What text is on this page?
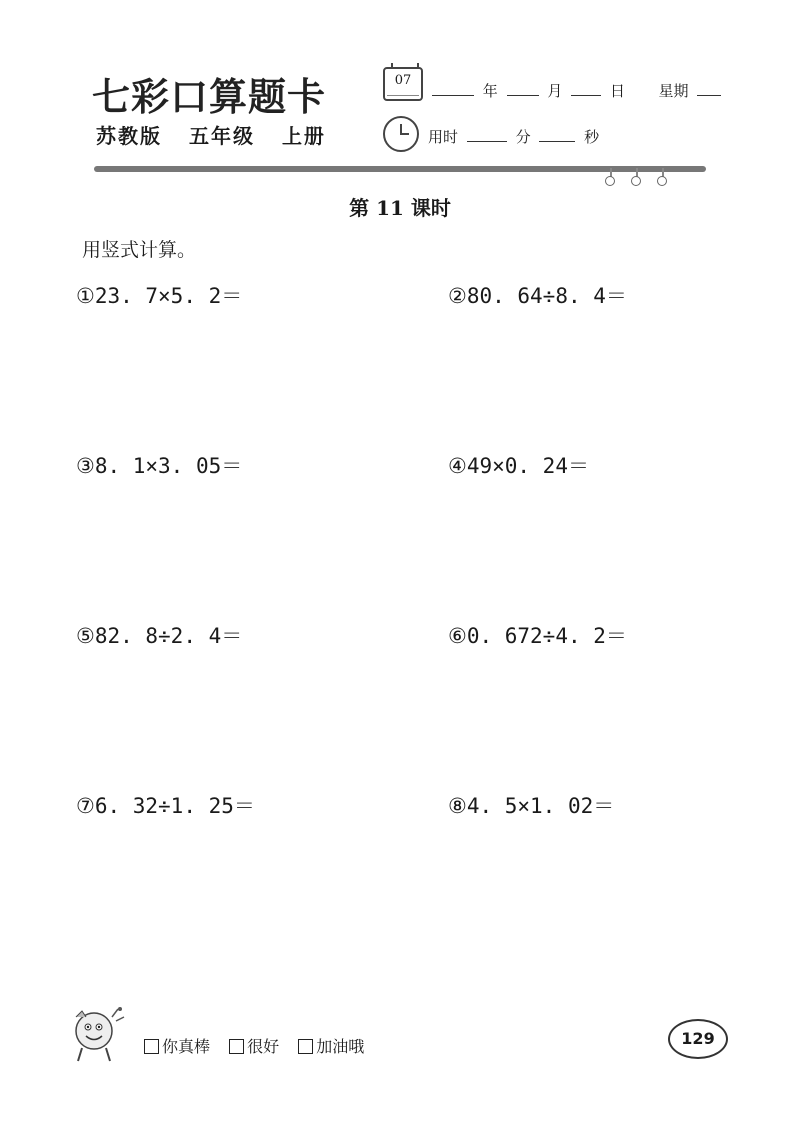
七彩口算题卡
苏教版 五年级 上册
07
年	月	日 星期
用时	分	秒
第 11 课时
用竖式计算。
①23. 7×5. 2＝	②80. 64÷8. 4＝
③8. 1×3. 05＝	④49×0. 24＝
⑤82. 8÷2. 4＝	⑥0. 672÷4. 2＝
⑦6. 32÷1. 25＝	⑧4. 5×1. 02＝
你真棒 很好 加油哦	129
